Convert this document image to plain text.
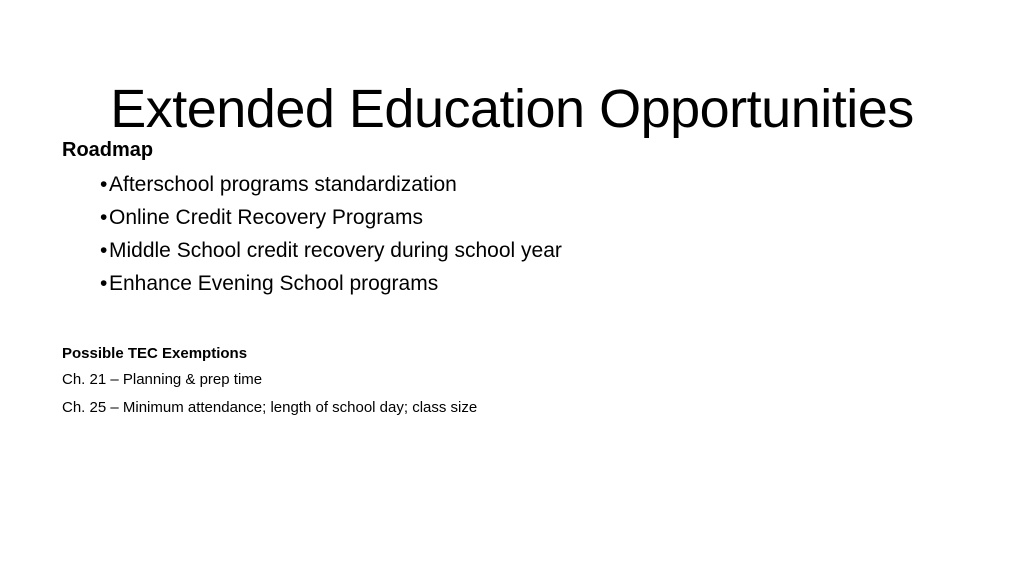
Extended Education Opportunities

Roadmap

• Afterschool programs standardization
• Online Credit Recovery Programs
• Middle School credit recovery during school year
• Enhance Evening School programs
Possible TEC Exemptions
Ch. 21 – Planning & prep time
Ch. 25 – Minimum attendance; length of school day; class size
